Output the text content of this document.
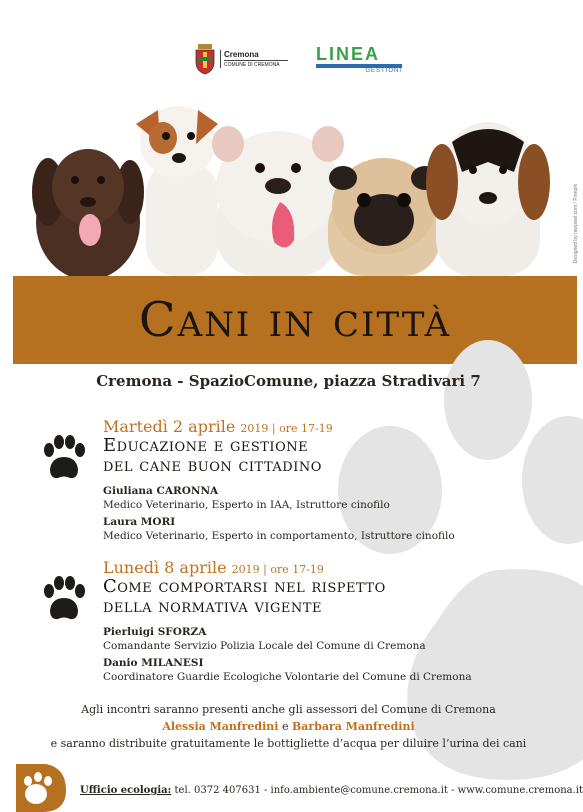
Cremona
COMUNE DI CREMONA
LINEA
GESTIONI
Designed by rawpixel.com / Freepik
Cani in città
Cremona - SpazioComune, piazza Stradivari 7
Martedì 2 aprile 2019 | ore 17-19
Educazione e gestione
del cane buon cittadino
Giuliana CARONNA
Medico Veterinario, Esperto in IAA, Istruttore cinofilo
Laura MORI
Medico Veterinario, Esperto in comportamento, Istruttore cinofilo
Lunedì 8 aprile 2019 | ore 17-19
Come comportarsi nel rispetto
della normativa vigente
Pierluigi SFORZA
Comandante Servizio Polizia Locale del Comune di Cremona
Danio MILANESI
Coordinatore Guardie Ecologiche Volontarie del Comune di Cremona
Agli incontri saranno presenti anche gli assessori del Comune di Cremona
Alessia Manfredini e Barbara Manfredini
e saranno distribuite gratuitamente le bottigliette d’acqua per diluire l’urina dei cani
Ufficio ecologia: tel. 0372 407631 - info.ambiente@comune.cremona.it - www.comune.cremona.it
